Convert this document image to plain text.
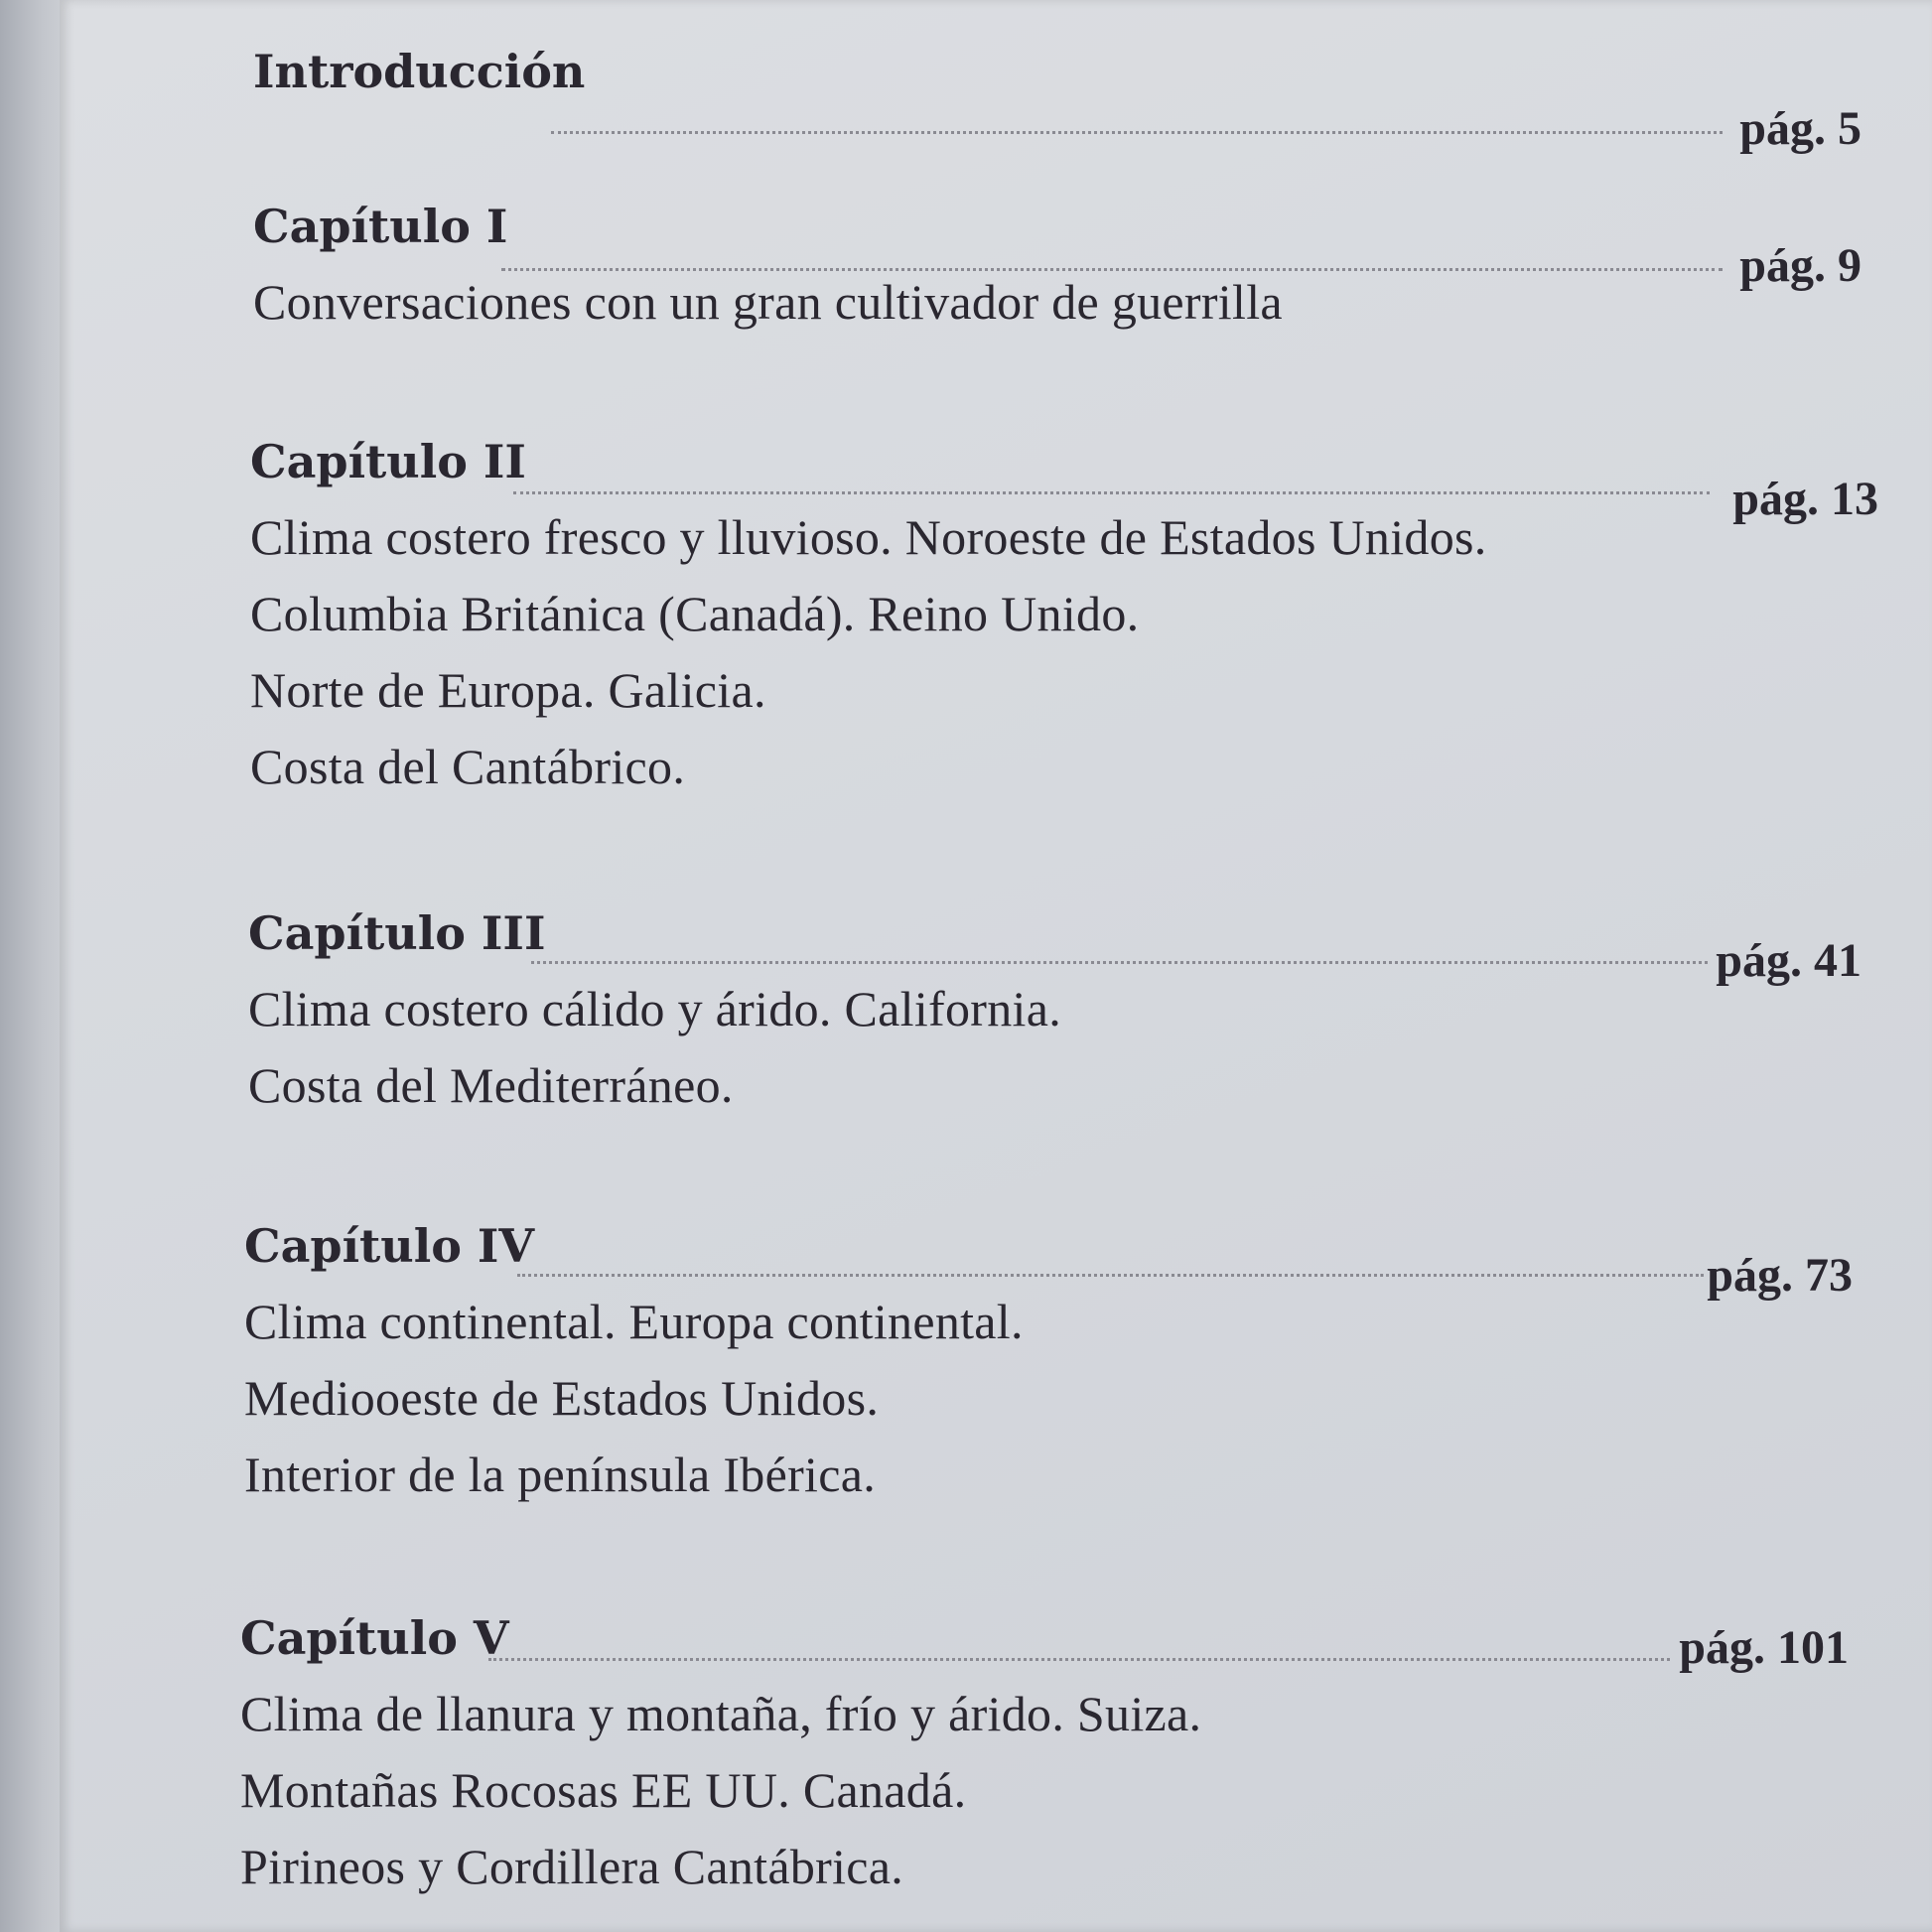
Introducción
pág. 5
Capítulo I
pág. 9
Conversaciones con un gran cultivador de guerrilla
Capítulo II
pág. 13
Clima costero fresco y lluvioso. Noroeste de Estados Unidos.
Columbia Británica (Canadá). Reino Unido.
Norte de Europa. Galicia.
Costa del Cantábrico.
Capítulo III
pág. 41
Clima costero cálido y árido. California.
Costa del Mediterráneo.
Capítulo IV
pág. 73
Clima continental. Europa continental.
Mediooeste de Estados Unidos.
Interior de la península Ibérica.
Capítulo V	pág. 101
Clima de llanura y montaña, frío y árido. Suiza.
Montañas Rocosas EE UU. Canadá.
Pirineos y Cordillera Cantábrica.
